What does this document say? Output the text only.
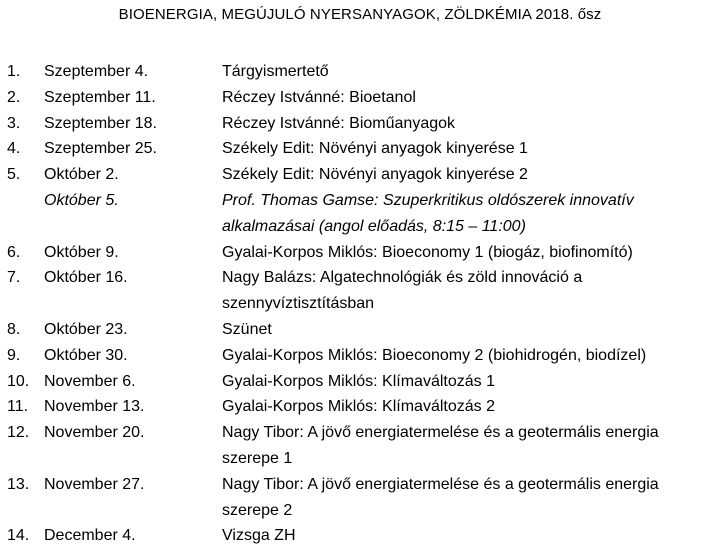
BIOENERGIA, MEGÚJULÓ NYERSANYAGOK, ZÖLDKÉMIA 2018. ősz
1. Szeptember 4.	Tárgyismertető
2. Szeptember 11.	Réczey Istvánné: Bioetanol
3. Szeptember 18.	Réczey Istvánné: Bioműanyagok
4. Szeptember 25.	Székely Edit: Növényi anyagok kinyerése 1
5. Október 2.	Székely Edit: Növényi anyagok kinyerése 2
Október 5.	Prof. Thomas Gamse: Szuperkritikus oldószerek innovatív alkalmazásai (angol előadás, 8:15 – 11:00)
6. Október 9.	Gyalai-Korpos Miklós: Bioeconomy 1 (biogáz, biofinomító)
7. Október 16.	Nagy Balázs: Algatechnológiák és zöld innováció a szennyvíztisztításban
8. Október 23.	Szünet
9. Október 30.	Gyalai-Korpos Miklós: Bioeconomy 2 (biohidrogén, biodízel)
10. November 6.	Gyalai-Korpos Miklós: Klímaváltozás 1
11. November 13.	Gyalai-Korpos Miklós: Klímaváltozás 2
12. November 20.	Nagy Tibor: A jövő energiatermelése és a geotermális energia szerepe 1
13. November 27.	Nagy Tibor: A jövő energiatermelése és a geotermális energia szerepe 2
14. December 4.	Vizsga ZH
